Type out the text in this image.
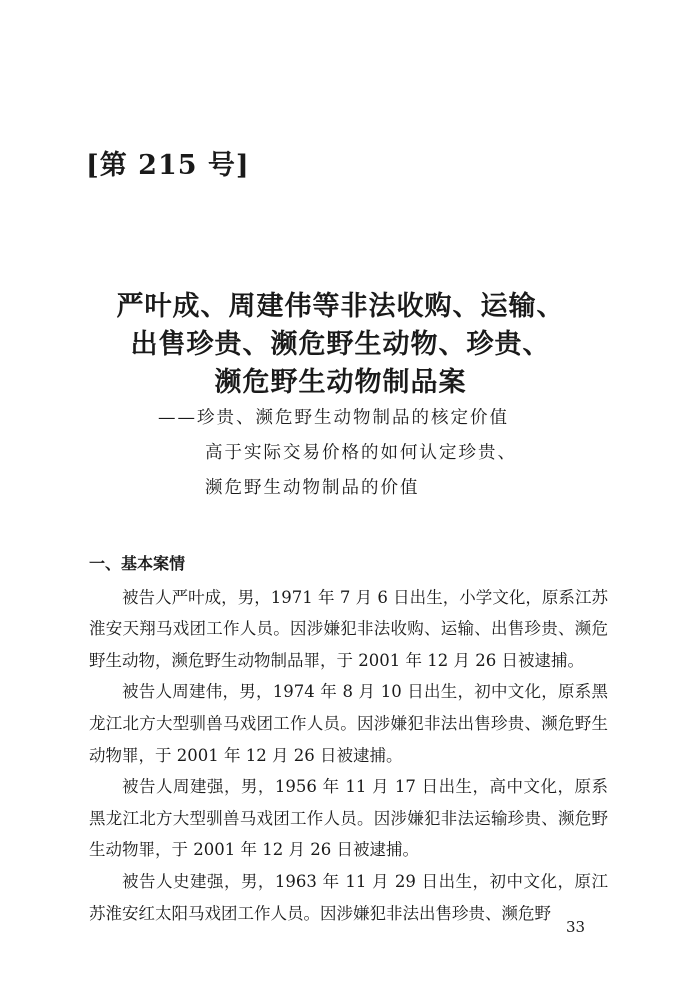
[第 215 号]
严叶成、周建伟等非法收购、运输、
出售珍贵、濒危野生动物、珍贵、
濒危野生动物制品案
——珍贵、濒危野生动物制品的核定价值
高于实际交易价格的如何认定珍贵、
濒危野生动物制品的价值
一、基本案情

被告人严叶成，男，1971 年 7 月 6 日出生，小学文化，原系江苏淮安天翔马戏团工作人员。因涉嫌犯非法收购、运输、出售珍贵、濒危野生动物，濒危野生动物制品罪，于 2001 年 12 月 26 日被逮捕。

被告人周建伟，男，1974 年 8 月 10 日出生，初中文化，原系黑龙江北方大型驯兽马戏团工作人员。因涉嫌犯非法出售珍贵、濒危野生动物罪，于 2001 年 12 月 26 日被逮捕。

被告人周建强，男，1956 年 11 月 17 日出生，高中文化，原系黑龙江北方大型驯兽马戏团工作人员。因涉嫌犯非法运输珍贵、濒危野生动物罪，于 2001 年 12 月 26 日被逮捕。

被告人史建强，男，1963 年 11 月 29 日出生，初中文化，原江苏淮安红太阳马戏团工作人员。因涉嫌犯非法出售珍贵、濒危野

33
